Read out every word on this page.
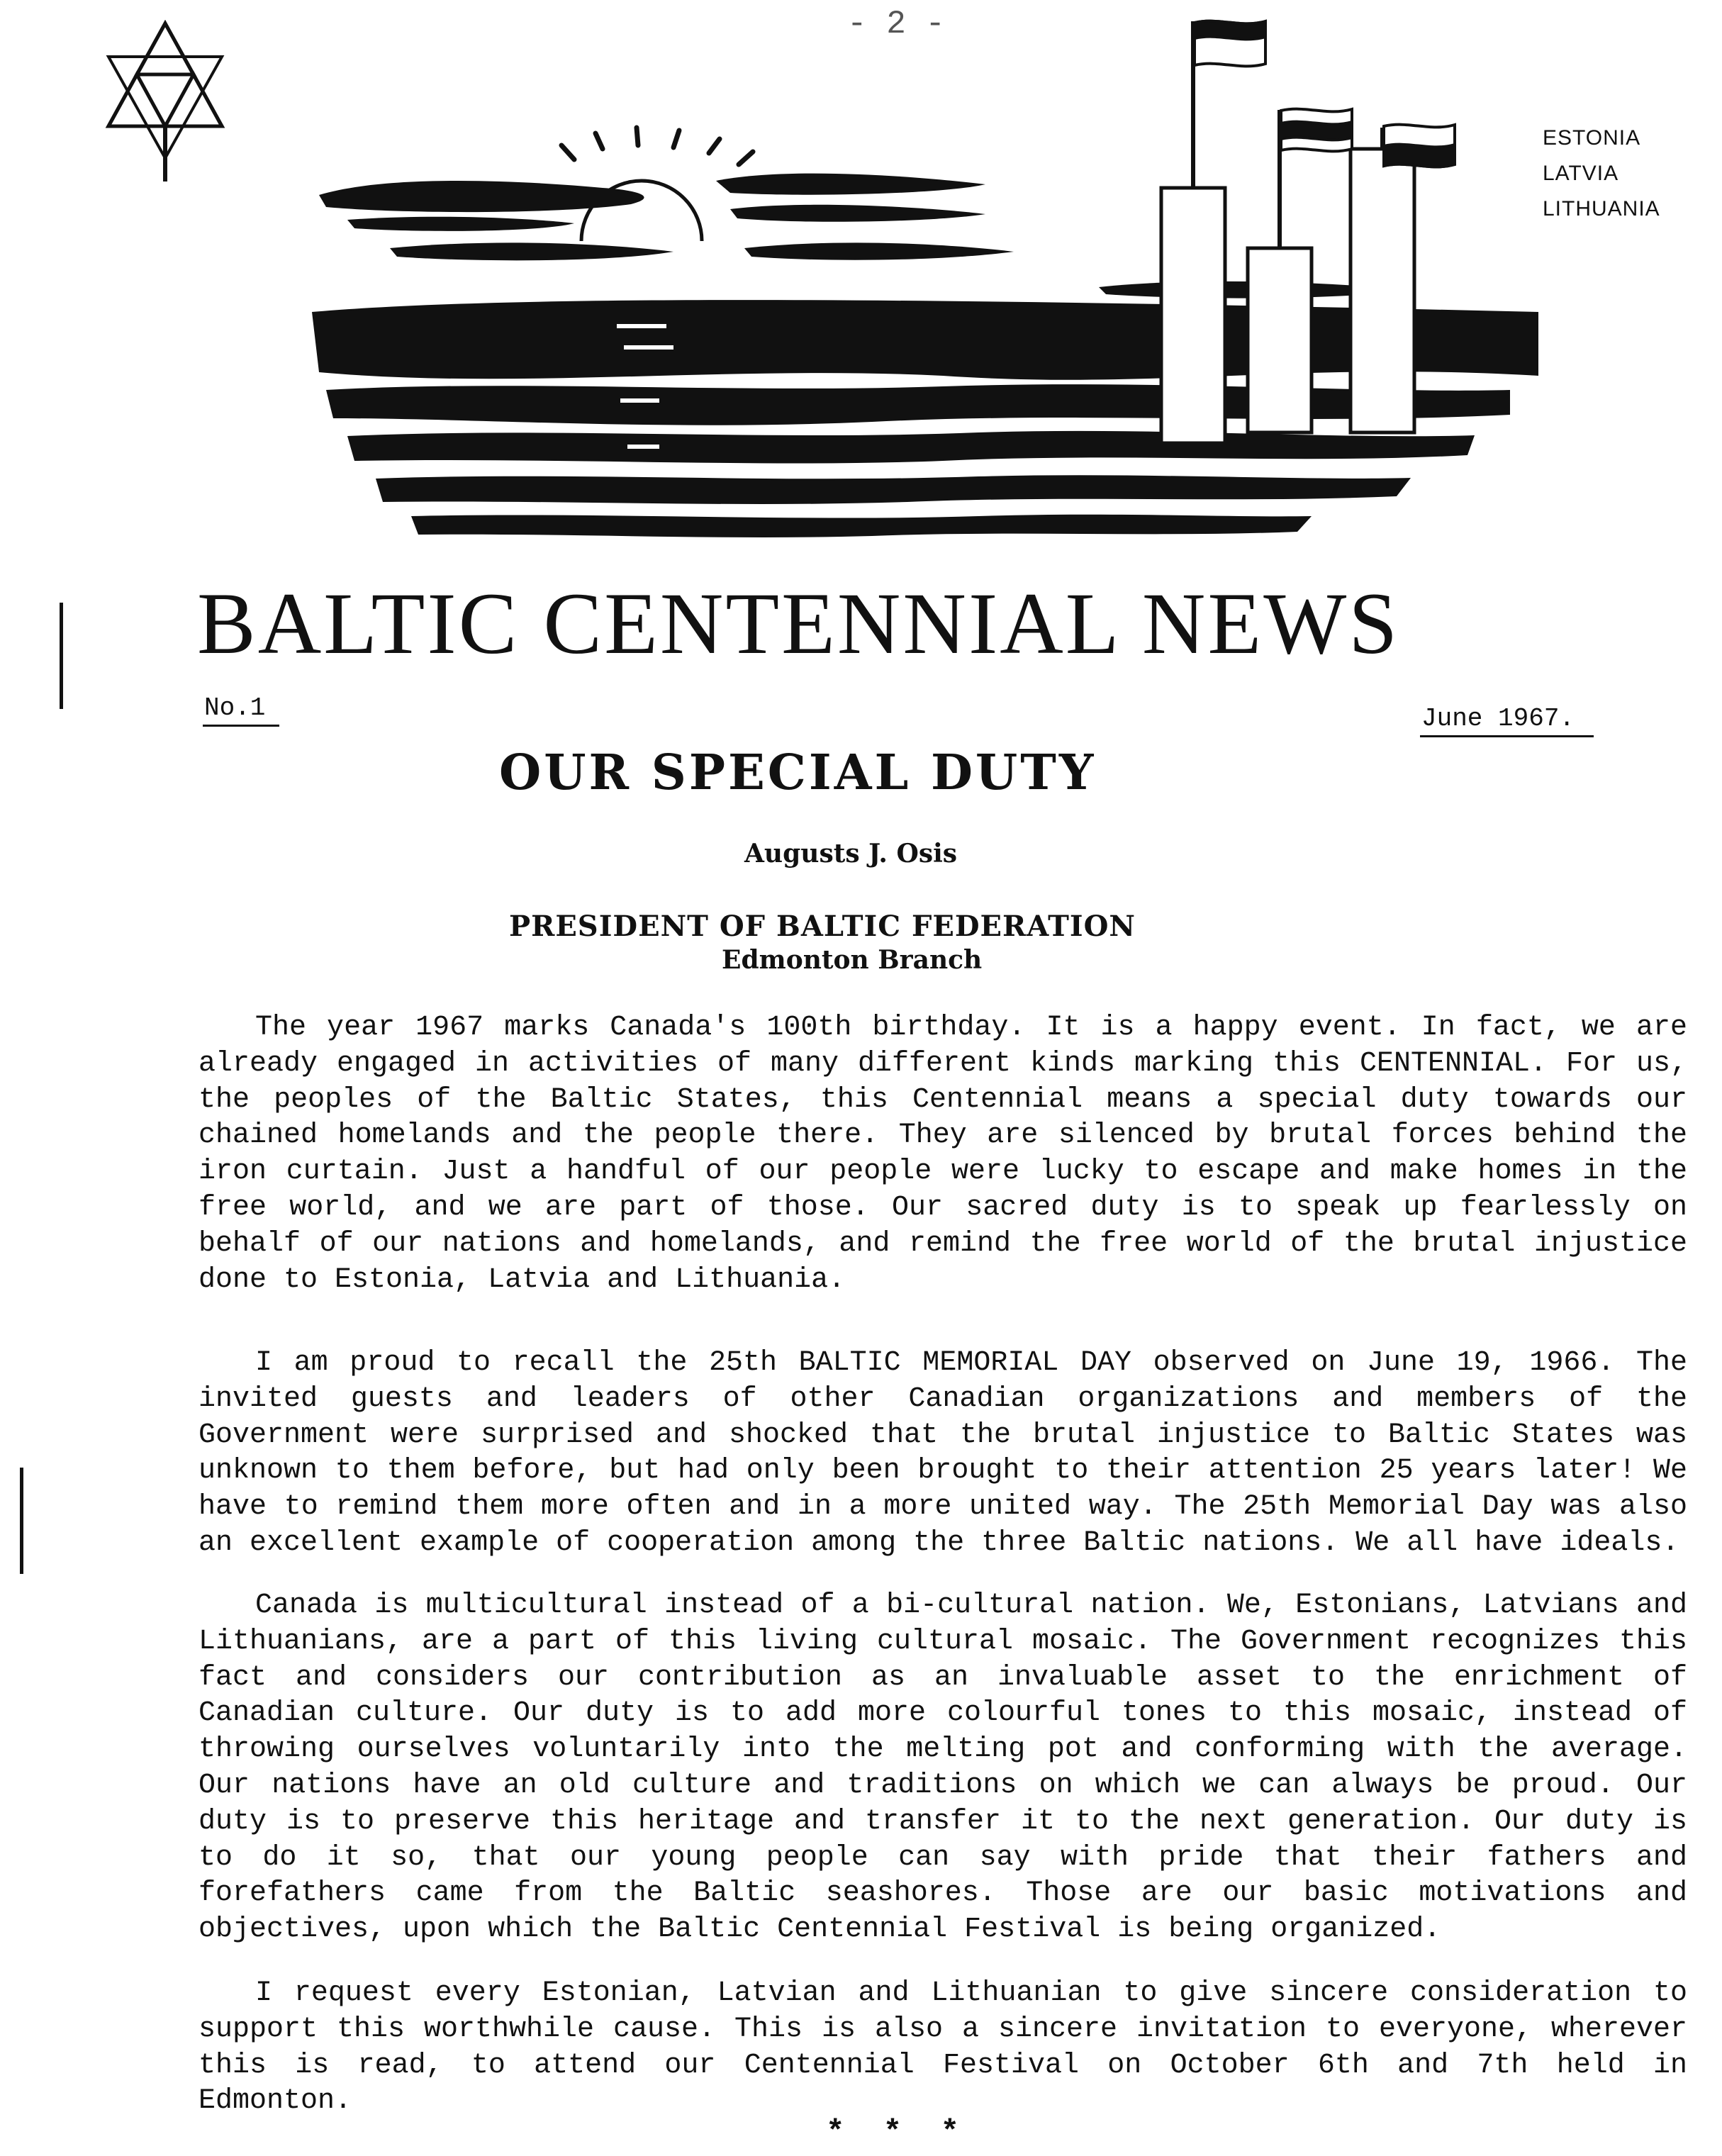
- 2 -
ESTONIA
LATVIA
LITHUANIA
BALTIC CENTENNIAL NEWS
No.1	June 1967.
OUR SPECIAL DUTY
Augusts J. Osis
PRESIDENT OF BALTIC FEDERATION
Edmonton Branch

The year 1967 marks Canada's 100th birthday. It is a happy event. In fact, we are already engaged in activities of many different kinds marking this CENTENNIAL. For us, the peoples of the Baltic States, this Centennial means a special duty towards our chained homelands and the people there. They are silenced by brutal forces behind the iron curtain. Just a handful of our people were lucky to escape and make homes in the free world, and we are part of those. Our sacred duty is to speak up fearlessly on behalf of our nations and homelands, and remind the free world of the brutal injustice done to Estonia, Latvia and Lithuania.

I am proud to recall the 25th BALTIC MEMORIAL DAY observed on June 19, 1966. The invited guests and leaders of other Canadian organizations and members of the Government were surprised and shocked that the brutal injustice to Baltic States was unknown to them before, but had only been brought to their attention 25 years later! We have to remind them more often and in a more united way. The 25th Memorial Day was also an excellent example of cooperation among the three Baltic nations. We all have ideals.

Canada is multicultural instead of a bi-cultural nation. We, Estonians, Latvians and Lithuanians, are a part of this living cultural mosaic. The Government recognizes this fact and considers our contribution as an invaluable asset to the enrichment of Canadian culture. Our duty is to add more colourful tones to this mosaic, instead of throwing ourselves voluntarily into the melting pot and conforming with the average. Our nations have an old culture and traditions on which we can always be proud. Our duty is to preserve this heritage and transfer it to the next generation. Our duty is to do it so, that our young people can say with pride that their fathers and forefathers came from the Baltic seashores. Those are our basic motivations and objectives, upon which the Baltic Centennial Festival is being organized.

I request every Estonian, Latvian and Lithuanian to give sincere consideration to support this worthwhile cause. This is also a sincere invitation to everyone, wherever this is read, to attend our Centennial Festival on October 6th and 7th held in Edmonton.

* * *
